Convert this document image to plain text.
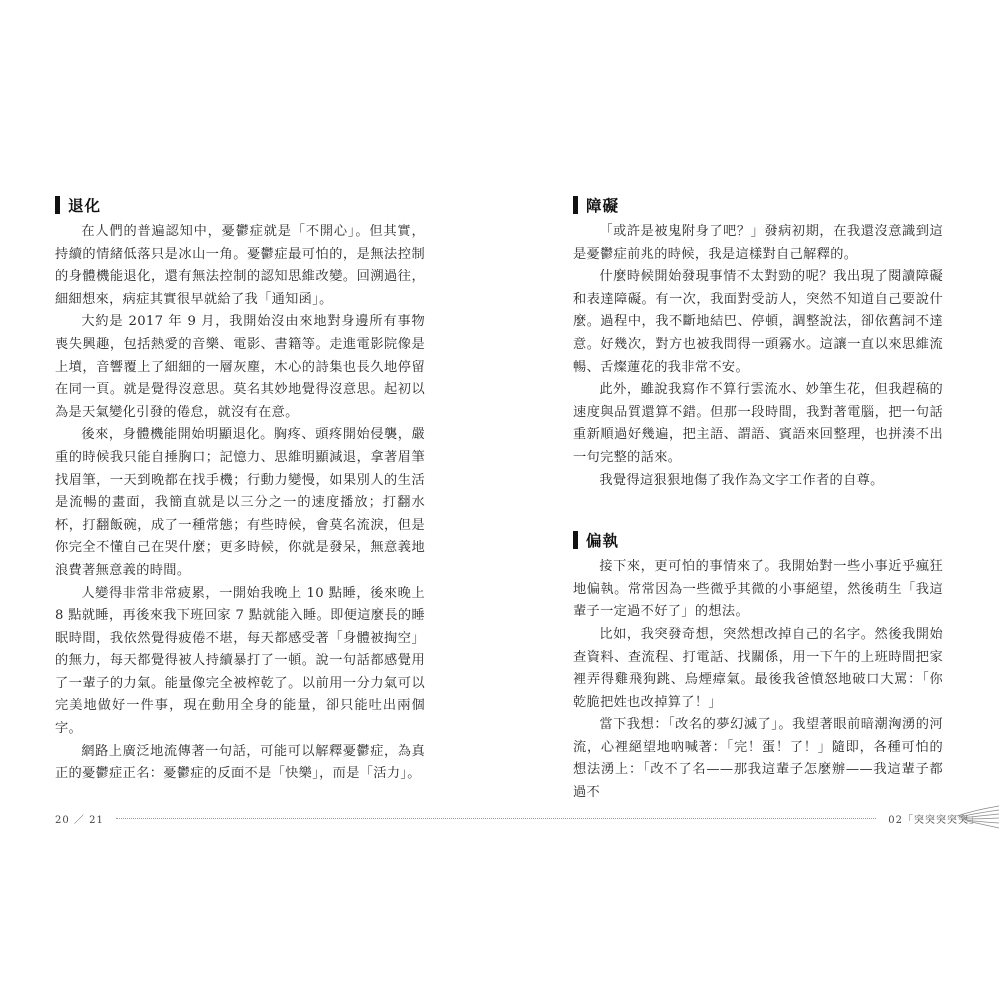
退化

在人們的普遍認知中，憂鬱症就是「不開心」。但其實，持續的情緒低落只是冰山一角。憂鬱症最可怕的，是無法控制的身體機能退化，還有無法控制的認知思維改變。回溯過往，細細想來，病症其實很早就給了我「通知函」。

大約是 2017 年 9 月，我開始沒由來地對身邊所有事物喪失興趣，包括熱愛的音樂、電影、書籍等。走進電影院像是上墳，音響覆上了細細的一層灰塵，木心的詩集也長久地停留在同一頁。就是覺得沒意思。莫名其妙地覺得沒意思。起初以為是天氣變化引發的倦怠，就沒有在意。

後來，身體機能開始明顯退化。胸疼、頭疼開始侵襲，嚴重的時候我只能自捶胸口；記憶力、思維明顯減退，拿著眉筆找眉筆，一天到晚都在找手機；行動力變慢，如果別人的生活是流暢的畫面，我簡直就是以三分之一的速度播放；打翻水杯，打翻飯碗，成了一種常態；有些時候，會莫名流淚，但是你完全不懂自己在哭什麼；更多時候，你就是發呆，無意義地浪費著無意義的時間。

人變得非常非常疲累，一開始我晚上 10 點睡，後來晚上 8 點就睡，再後來我下班回家 7 點就能入睡。即便這麼長的睡眠時間，我依然覺得疲倦不堪，每天都感受著「身體被掏空」的無力，每天都覺得被人持續暴打了一頓。說一句話都感覺用了一輩子的力氣。能量像完全被榨乾了。以前用一分力氣可以完美地做好一件事，現在動用全身的能量，卻只能吐出兩個字。

網路上廣泛地流傳著一句話，可能可以解釋憂鬱症，為真正的憂鬱症正名：憂鬱症的反面不是「快樂」，而是「活力」。

障礙

「或許是被鬼附身了吧？」發病初期，在我還沒意識到這是憂鬱症前兆的時候，我是這樣對自己解釋的。

什麼時候開始發現事情不太對勁的呢？我出現了閱讀障礙和表達障礙。有一次，我面對受訪人，突然不知道自己要說什麼。過程中，我不斷地結巴、停頓，調整說法，卻依舊詞不達意。好幾次，對方也被我問得一頭霧水。這讓一直以來思維流暢、舌燦蓮花的我非常不安。

此外，雖說我寫作不算行雲流水、妙筆生花，但我趕稿的速度與品質還算不錯。但那一段時間，我對著電腦，把一句話重新順過好幾遍，把主語、謂語、賓語來回整理，也拼湊不出一句完整的話來。

我覺得這狠狠地傷了我作為文字工作者的自尊。

偏執

接下來，更可怕的事情來了。我開始對一些小事近乎瘋狂地偏執。常常因為一些微乎其微的小事絕望，然後萌生「我這輩子一定過不好了」的想法。

比如，我突發奇想，突然想改掉自己的名字。然後我開始查資料、查流程、打電話、找關係，用一下午的上班時間把家裡弄得雞飛狗跳、烏煙瘴氣。最後我爸憤怒地破口大罵：「你乾脆把姓也改掉算了！」

當下我想：「改名的夢幻滅了」。我望著眼前暗潮洶湧的河流，心裡絕望地吶喊著：「完！蛋！了！」隨即，各種可怕的想法湧上：「改不了名——那我這輩子怎麼辦——我這輩子都過不

20 ／ 21	02「突突突突突」
